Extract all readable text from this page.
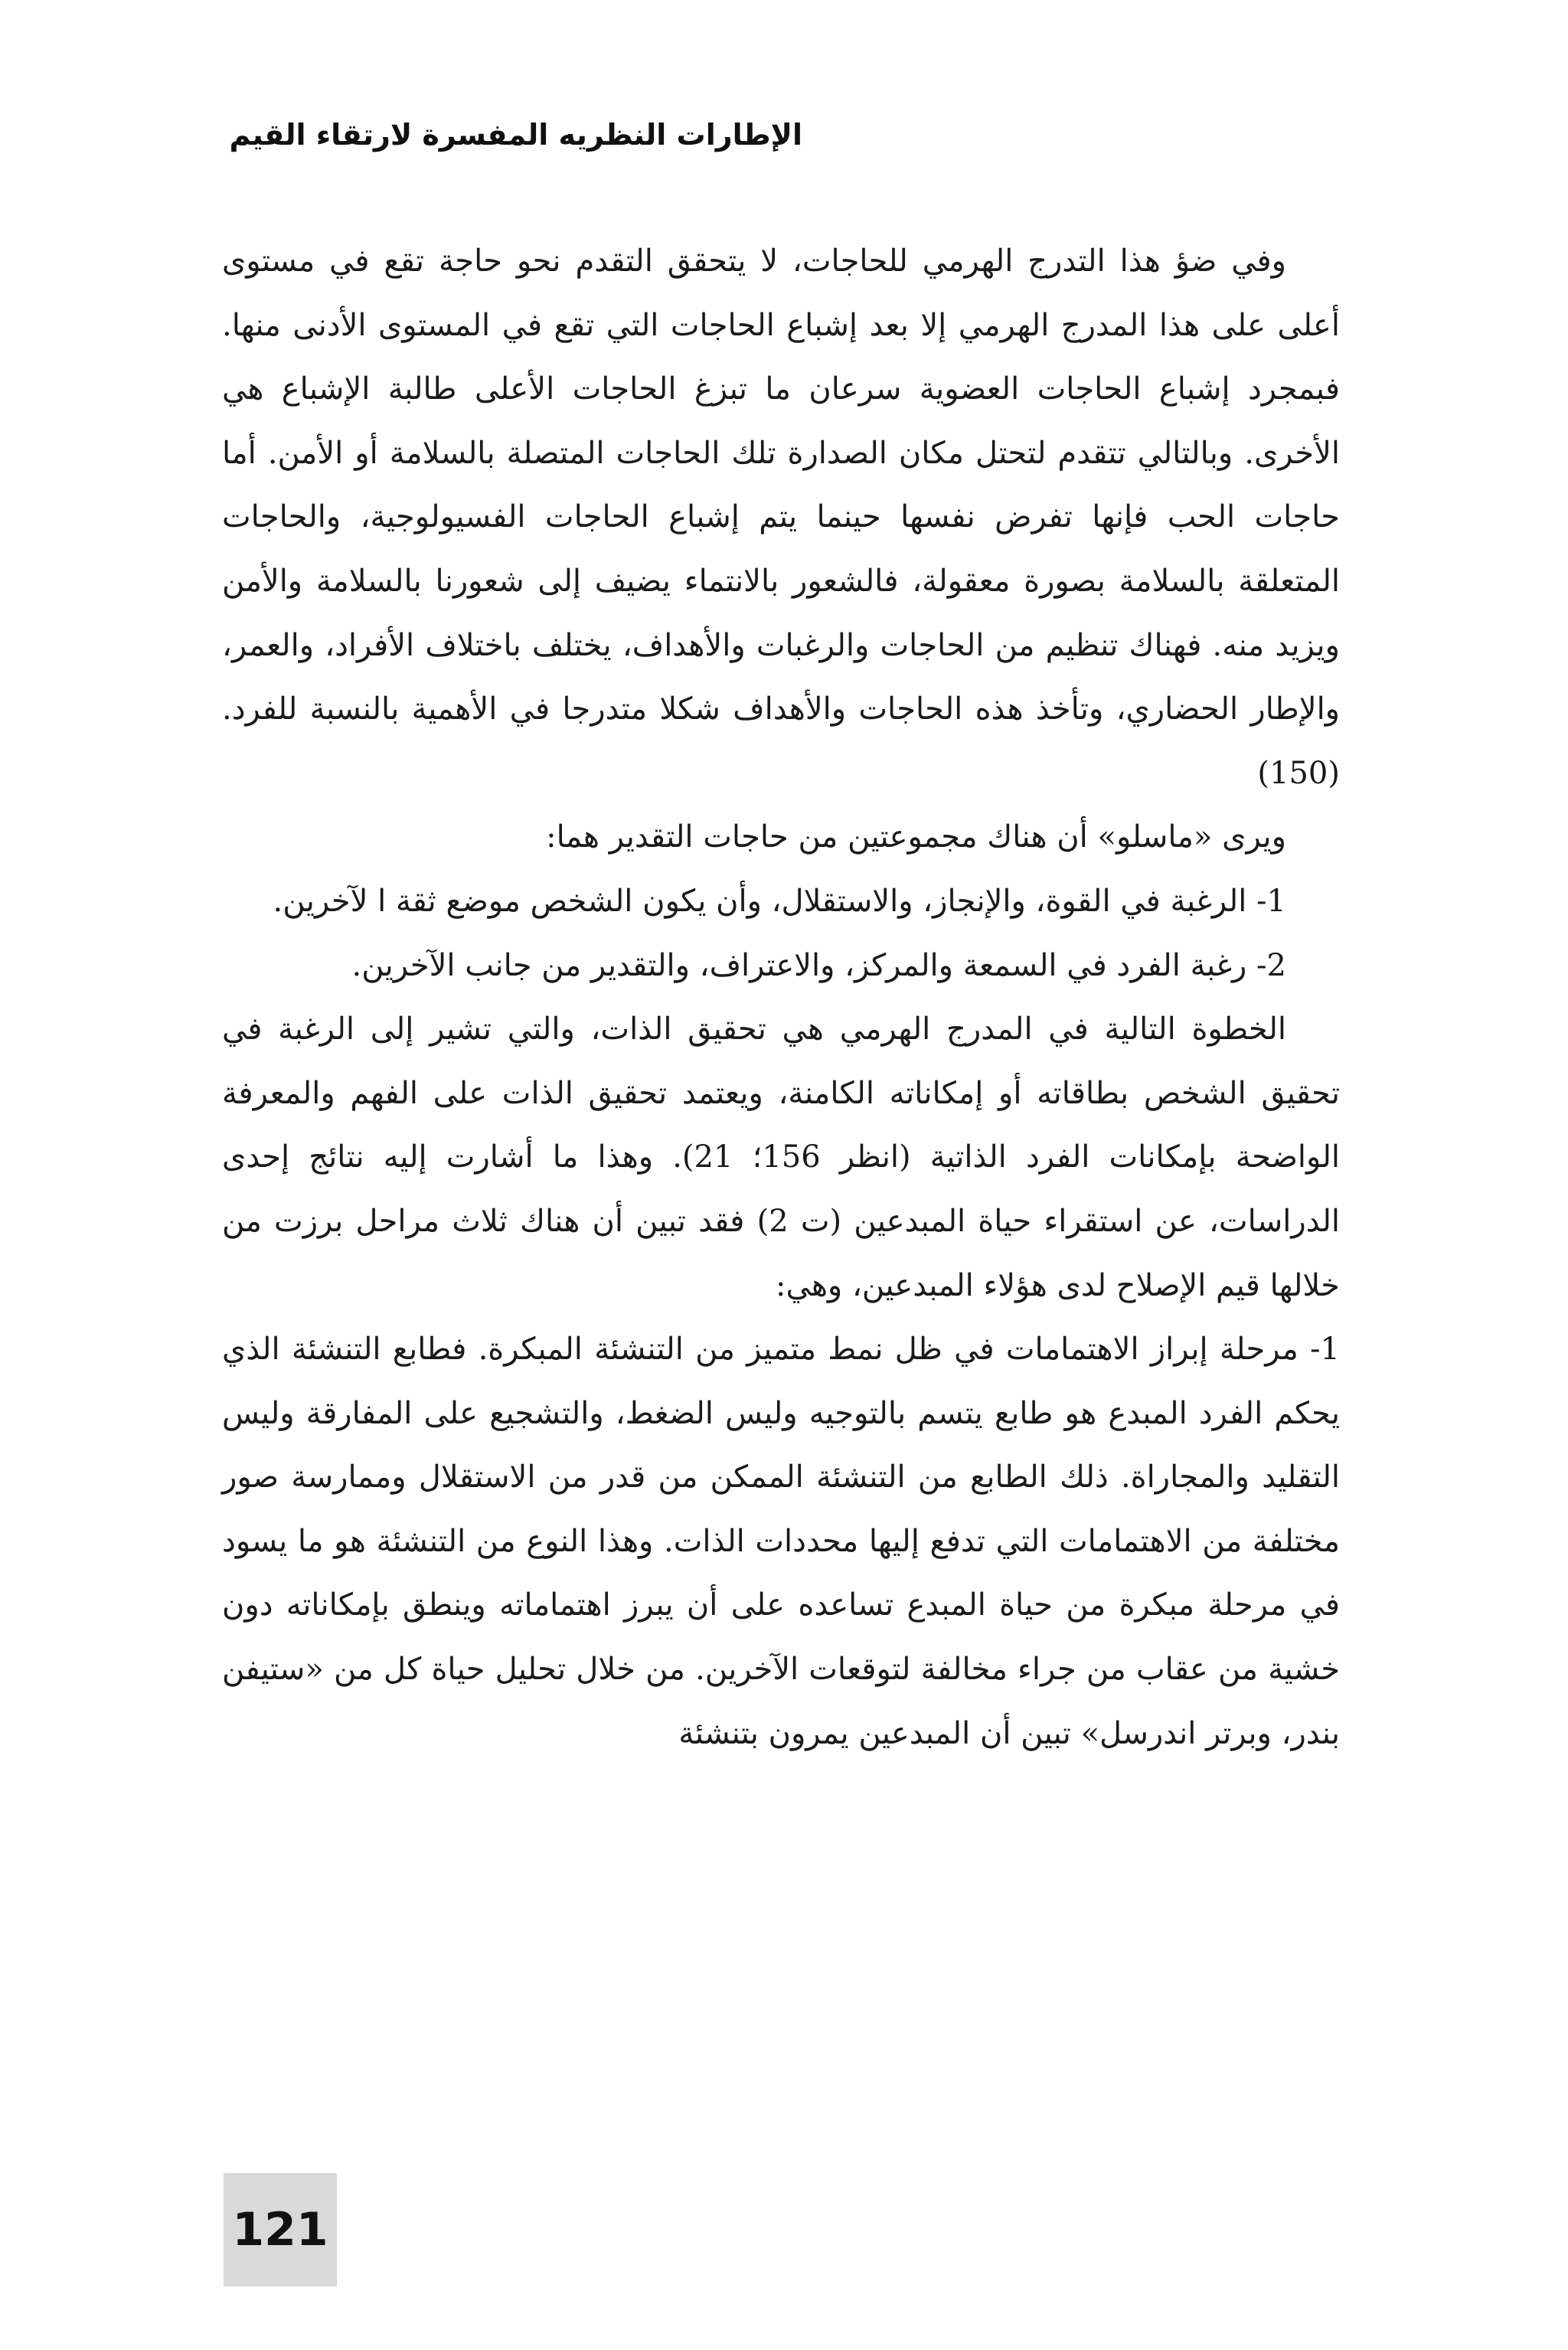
الإطارات النظريه المفسرة لارتقاء القيم

وفي ضؤ هذا التدرج الهرمي للحاجات، لا يتحقق التقدم نحو حاجة تقع في مستوى أعلى على هذا المدرج الهرمي إلا بعد إشباع الحاجات التي تقع في المستوى الأدنى منها. فبمجرد إشباع الحاجات العضوية سرعان ما تبزغ الحاجات الأعلى طالبة الإشباع هي الأخرى. وبالتالي تتقدم لتحتل مكان الصدارة تلك الحاجات المتصلة بالسلامة أو الأمن. أما حاجات الحب فإنها تفرض نفسها حينما يتم إشباع الحاجات الفسيولوجية، والحاجات المتعلقة بالسلامة بصورة معقولة، فالشعور بالانتماء يضيف إلى شعورنا بالسلامة والأمن ويزيد منه. فهناك تنظيم من الحاجات والرغبات والأهداف، يختلف باختلاف الأفراد، والعمر، والإطار الحضاري، وتأخذ هذه الحاجات والأهداف شكلا متدرجا في الأهمية بالنسبة للفرد. (150)

ويرى «ماسلو» أن هناك مجموعتين من حاجات التقدير هما:

1- الرغبة في القوة، والإنجاز، والاستقلال، وأن يكون الشخص موضع ثقة ا لآخرين.

2- رغبة الفرد في السمعة والمركز، والاعتراف، والتقدير من جانب الآخرين.

الخطوة التالية في المدرج الهرمي هي تحقيق الذات، والتي تشير إلى الرغبة في تحقيق الشخص بطاقاته أو إمكاناته الكامنة، ويعتمد تحقيق الذات على الفهم والمعرفة الواضحة بإمكانات الفرد الذاتية (انظر 156؛ 21). وهذا ما أشارت إليه نتائج إحدى الدراسات، عن استقراء حياة المبدعين (ت 2) فقد تبين أن هناك ثلاث مراحل برزت من خلالها قيم الإصلاح لدى هؤلاء المبدعين، وهي:

1- مرحلة إبراز الاهتمامات في ظل نمط متميز من التنشئة المبكرة. فطابع التنشئة الذي يحكم الفرد المبدع هو طابع يتسم بالتوجيه وليس الضغط، والتشجيع على المفارقة وليس التقليد والمجاراة. ذلك الطابع من التنشئة الممكن من قدر من الاستقلال وممارسة صور مختلفة من الاهتمامات التي تدفع إليها محددات الذات. وهذا النوع من التنشئة هو ما يسود في مرحلة مبكرة من حياة المبدع تساعده على أن يبرز اهتماماته وينطق بإمكاناته دون خشية من عقاب من جراء مخالفة لتوقعات الآخرين. من خلال تحليل حياة كل من «ستيفن بندر، وبرتر اندرسل» تبين أن المبدعين يمرون بتنشئة

121
